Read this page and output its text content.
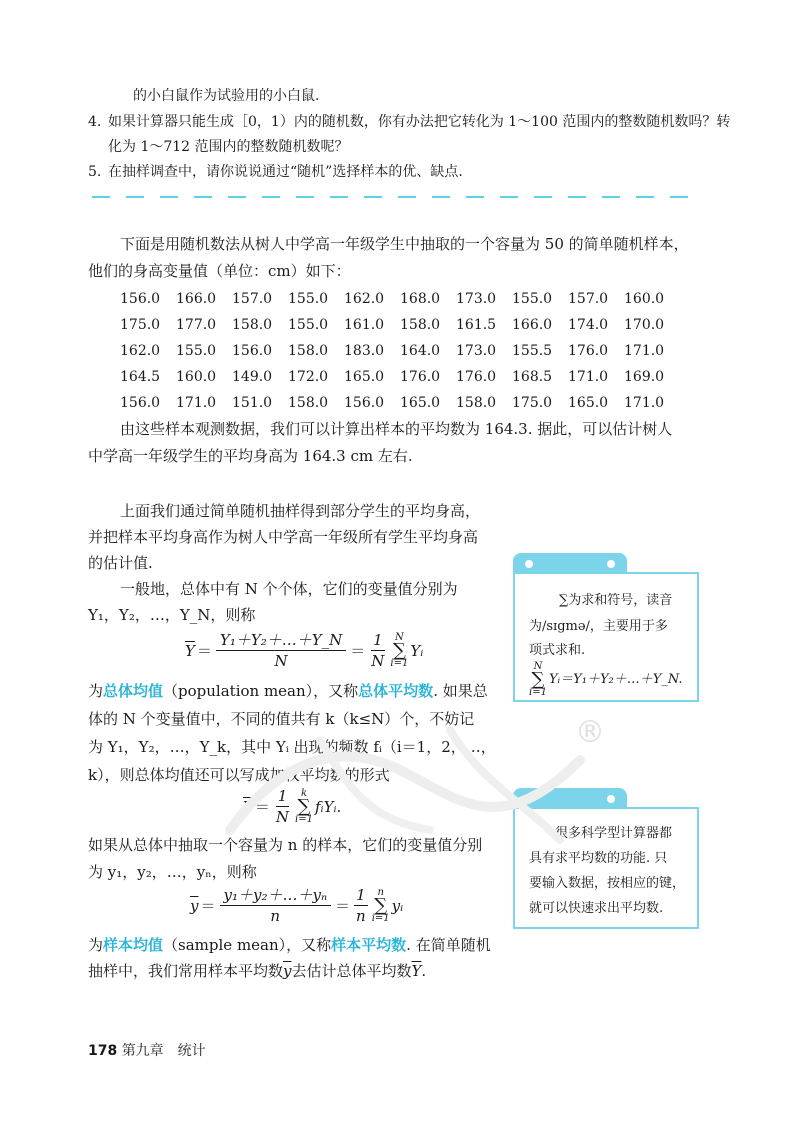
的小白鼠作为试验用的小白鼠.
4. 如果计算器只能生成［0，1）内的随机数，你有办法把它转化为 1～100 范围内的整数随机数吗？转
化为 1～712 范围内的整数随机数呢？
5. 在抽样调查中，请你说说通过“随机”选择样本的优、缺点.
下面是用随机数法从树人中学高一年级学生中抽取的一个容量为 50 的简单随机样本，
他们的身高变量值（单位：cm）如下：
156.0	166.0	157.0	155.0	162.0	168.0	173.0	155.0	157.0	160.0
175.0	177.0	158.0	155.0	161.0	158.0	161.5	166.0	174.0	170.0
162.0	155.0	156.0	158.0	183.0	164.0	173.0	155.5	176.0	171.0
164.5	160.0	149.0	172.0	165.0	176.0	176.0	168.5	171.0	169.0
156.0	171.0	151.0	158.0	156.0	165.0	158.0	175.0	165.0	171.0
由这些样本观测数据，我们可以计算出样本的平均数为 164.3. 据此，可以估计树人
中学高一年级学生的平均身高为 164.3 cm 左右.
上面我们通过简单随机抽样得到部分学生的平均身高，
并把样本平均身高作为树人中学高一年级所有学生平均身高
的估计值.
一般地，总体中有 N 个个体，它们的变量值分别为
Y₁，Y₂，…，Y_N，则称
$\overline{Y} = \frac{\text{Y₁＋Y₂＋…＋Y\_N}}{N} = \frac{1}{N}$ N
∑
i=1
Yᵢ
为总体均值（population mean），又称总体平均数. 如果总
体的 N 个变量值中，不同的值共有 k（k≤N）个，不妨记
为 Y₁，Y₂，…，Y_k，其中 Yᵢ 出现的频数 fᵢ（i＝1，2，…，
k），则总体均值还可以写成加权平均数的形式
$\overline{Y} = \frac{1}{N}$ k
∑
i=1
fᵢYᵢ.
如果从总体中抽取一个容量为 n 的样本，它们的变量值分别
为 y₁，y₂，…，yₙ，则称
$\overline{y} = \frac{\text{y₁＋y₂＋…＋yₙ}}{n} = \frac{1}{n}$ n
∑
i=1
yᵢ
为样本均值（sample mean），又称样本平均数. 在简单随机
抽样中，我们常用样本平均数$\overline{y}$去估计总体平均数$\overline{Y}$.
∑为求和符号，读音
为/sɪgmə/，主要用于多
项式求和.
N
∑
i=1
Yᵢ＝Y₁＋Y₂＋…＋Y_N.
很多科学型计算器都
具有求平均数的功能. 只
要输入数据，按相应的键，
就可以快速求出平均数.
®
178 第九章　统计
